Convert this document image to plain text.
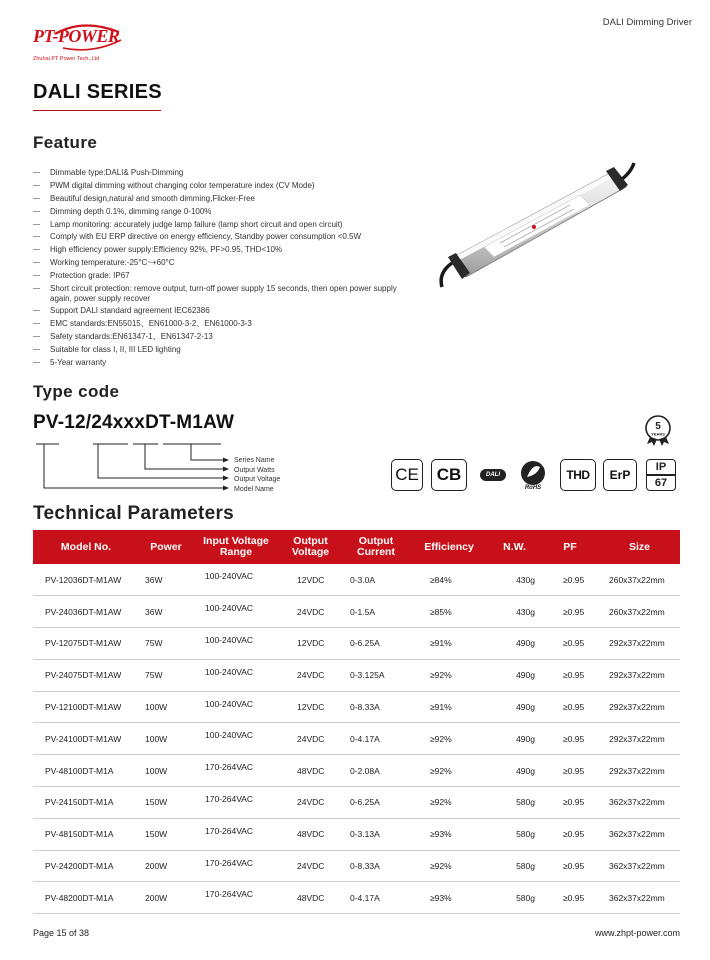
DALI Dimming Driver
PT-POWER
Zhuhai PT Power Tech.,Ltd
DALI SERIES
Feature
— Dimmable type:DALI& Push-Dimming
— PWM digital dimming without changing color temperature index (CV Mode)
— Beautiful design,natural and smooth dimming,Flicker-Free
— Dimming depth 0.1%, dimming range 0-100%
— Lamp monitoring: accurately judge lamp failure (lamp short circuit and open circuit)
— Comply with EU ERP directive on energy efficiency, Standby power consumption <0.5W
— High efficiency power supply:Efficiency 92%, PF>0.95, THD<10%
— Working temperature:-25°C~+60°C
— Protection grade: IP67
— Short circuit protection: remove output, turn-off power supply 15 seconds, then open power supply again, power supply recover
— Support DALI standard agreement IEC62386
— EMC standards:EN55015、EN61000-3-2、EN61000-3-3
— Safety standards:EN61347-1、EN61347-2-13
— Suitable for class I, II, III LED lighting
— 5-Year warranty
Type code
PV-12/24xxxDT-M1AW
Series Name
Output Watts
Output Voltage
Model Name
5
YEARS
CE	CB	DALI
RoHS
THD	ErP
IP
67
Technical Parameters
Model No.	Power	Input Voltage Range	Output Voltage	Output Current	Efficiency	N.W.	PF	Size
PV-12036DT-M1AW	36W	100-240VAC	12VDC	0-3.0A	≥84%	430g	≥0.95	260x37x22mm
PV-24036DT-M1AW	36W	100-240VAC	24VDC	0-1.5A	≥85%	430g	≥0.95	260x37x22mm
PV-12075DT-M1AW	75W	100-240VAC	12VDC	0-6.25A	≥91%	490g	≥0.95	292x37x22mm
PV-24075DT-M1AW	75W	100-240VAC	24VDC	0-3.125A	≥92%	490g	≥0.95	292x37x22mm
PV-12100DT-M1AW	100W	100-240VAC	12VDC	0-8.33A	≥91%	490g	≥0.95	292x37x22mm
PV-24100DT-M1AW	100W	100-240VAC	24VDC	0-4.17A	≥92%	490g	≥0.95	292x37x22mm
PV-48100DT-M1A	100W	170-264VAC	48VDC	0-2.08A	≥92%	490g	≥0.95	292x37x22mm
PV-24150DT-M1A	150W	170-264VAC	24VDC	0-6.25A	≥92%	580g	≥0.95	362x37x22mm
PV-48150DT-M1A	150W	170-264VAC	48VDC	0-3.13A	≥93%	580g	≥0.95	362x37x22mm
PV-24200DT-M1A	200W	170-264VAC	24VDC	0-8.33A	≥92%	580g	≥0.95	362x37x22mm
PV-48200DT-M1A	200W	170-264VAC	48VDC	0-4.17A	≥93%	580g	≥0.95	362x37x22mm
Page 15 of 38	www.zhpt-power.com
